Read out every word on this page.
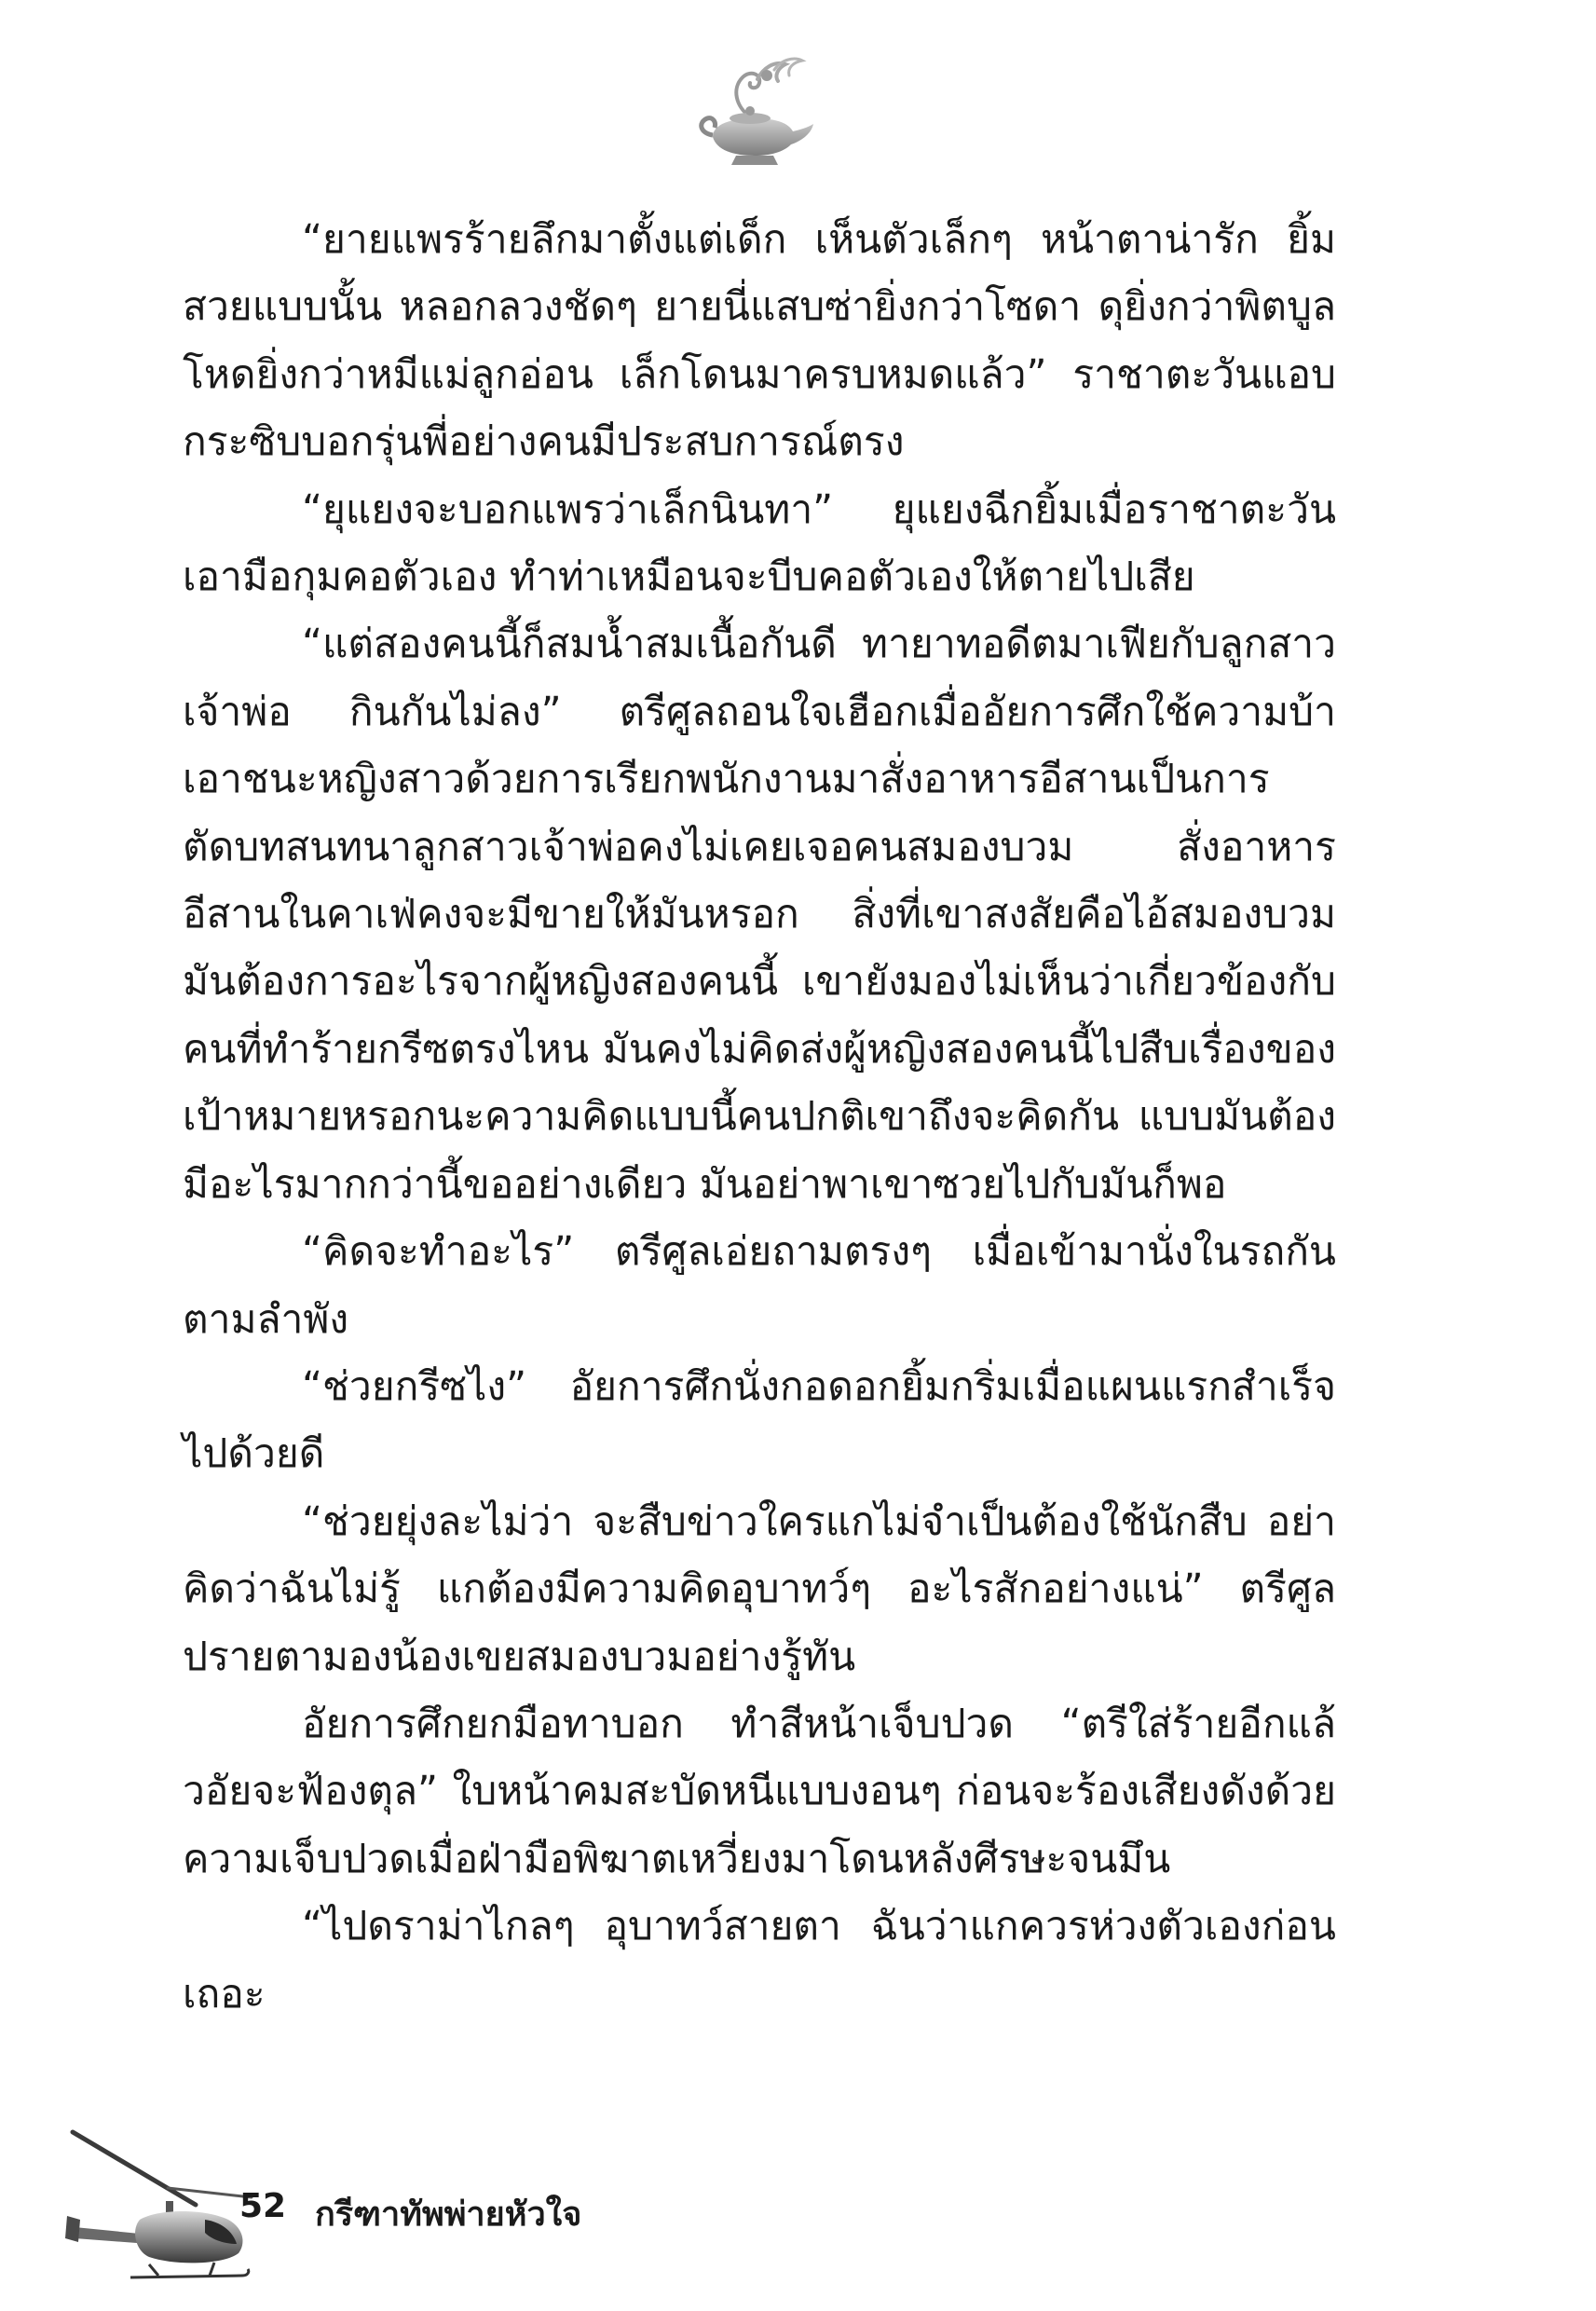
“ยายแพรร้ายลึกมาตั้งแต่เด็ก เห็นตัวเล็กๆ หน้าตาน่ารัก ยิ้มสวยแบบนั้น หลอกลวงชัดๆ ยายนี่แสบซ่ายิ่งกว่าโซดา ดุยิ่งกว่าพิตบูลโหดยิ่งกว่าหมีแม่ลูกอ่อน เล็กโดนมาครบหมดแล้ว” ราชาตะวันแอบกระซิบบอกรุ่นพี่อย่างคนมีประสบการณ์ตรง

“ยุแยงจะบอกแพรว่าเล็กนินทา” ยุแยงฉีกยิ้มเมื่อราชาตะวันเอามือกุมคอตัวเอง ทำท่าเหมือนจะบีบคอตัวเองให้ตายไปเสีย

“แต่สองคนนี้ก็สมน้ำสมเนื้อกันดี ทายาทอดีตมาเฟียกับลูกสาวเจ้าพ่อ กินกันไม่ลง” ตรีศูลถอนใจเฮือกเมื่ออัยการศึกใช้ความบ้าเอาชนะหญิงสาวด้วยการเรียกพนักงานมาสั่งอาหารอีสานเป็นการตัดบทสนทนาลูกสาวเจ้าพ่อคงไม่เคยเจอคนสมองบวม สั่งอาหารอีสานในคาเฟ่คงจะมีขายให้มันหรอก สิ่งที่เขาสงสัยคือไอ้สมองบวมมันต้องการอะไรจากผู้หญิงสองคนนี้ เขายังมองไม่เห็นว่าเกี่ยวข้องกับคนที่ทำร้ายกรีซตรงไหน มันคงไม่คิดส่งผู้หญิงสองคนนี้ไปสืบเรื่องของเป้าหมายหรอกนะความคิดแบบนี้คนปกติเขาถึงจะคิดกัน แบบมันต้องมีอะไรมากกว่านี้ขออย่างเดียว มันอย่าพาเขาซวยไปกับมันก็พอ

“คิดจะทำอะไร” ตรีศูลเอ่ยถามตรงๆ เมื่อเข้ามานั่งในรถกันตามลำพัง

“ช่วยกรีซไง” อัยการศึกนั่งกอดอกยิ้มกริ่มเมื่อแผนแรกสำเร็จไปด้วยดี

“ช่วยยุ่งละไม่ว่า จะสืบข่าวใครแกไม่จำเป็นต้องใช้นักสืบ อย่าคิดว่าฉันไม่รู้ แกต้องมีความคิดอุบาทว์ๆ อะไรสักอย่างแน่” ตรีศูลปรายตามองน้องเขยสมองบวมอย่างรู้ทัน

อัยการศึกยกมือทาบอก ทำสีหน้าเจ็บปวด “ตรีใส่ร้ายอีกแล้วอัยจะฟ้องตุล” ใบหน้าคมสะบัดหนีแบบงอนๆ ก่อนจะร้องเสียงดังด้วยความเจ็บปวดเมื่อฝ่ามือพิฆาตเหวี่ยงมาโดนหลังศีรษะจนมึน

“ไปดราม่าไกลๆ อุบาทว์สายตา ฉันว่าแกควรห่วงตัวเองก่อนเถอะ

52 กรีฑาทัพพ่ายหัวใจ
